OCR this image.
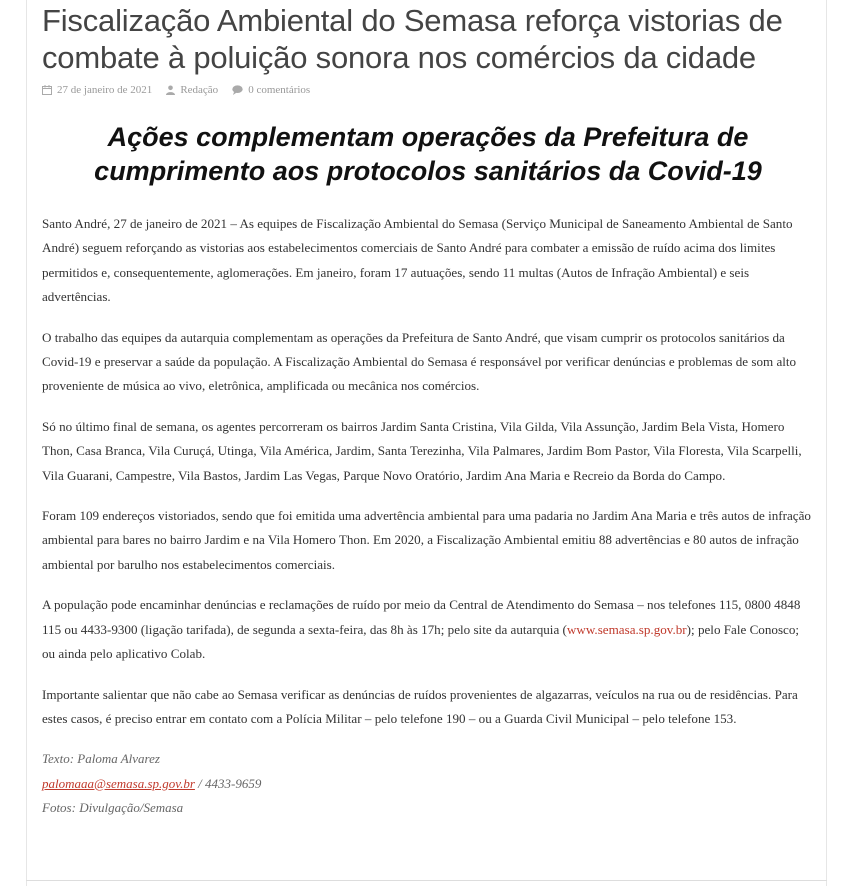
Fiscalização Ambiental do Semasa reforça vistorias de combate à poluição sonora nos comércios da cidade
27 de janeiro de 2021	Redação	0 comentários
Ações complementam operações da Prefeitura de cumprimento aos protocolos sanitários da Covid-19

Santo André, 27 de janeiro de 2021 – As equipes de Fiscalização Ambiental do Semasa (Serviço Municipal de Saneamento Ambiental de Santo André) seguem reforçando as vistorias aos estabelecimentos comerciais de Santo André para combater a emissão de ruído acima dos limites permitidos e, consequentemente, aglomerações. Em janeiro, foram 17 autuações, sendo 11 multas (Autos de Infração Ambiental) e seis advertências.

O trabalho das equipes da autarquia complementam as operações da Prefeitura de Santo André, que visam cumprir os protocolos sanitários da Covid-19 e preservar a saúde da população. A Fiscalização Ambiental do Semasa é responsável por verificar denúncias e problemas de som alto proveniente de música ao vivo, eletrônica, amplificada ou mecânica nos comércios.

Só no último final de semana, os agentes percorreram os bairros Jardim Santa Cristina, Vila Gilda, Vila Assunção, Jardim Bela Vista, Homero Thon, Casa Branca, Vila Curuçá, Utinga, Vila América, Jardim, Santa Terezinha, Vila Palmares, Jardim Bom Pastor, Vila Floresta, Vila Scarpelli, Vila Guarani, Campestre, Vila Bastos, Jardim Las Vegas, Parque Novo Oratório, Jardim Ana Maria e Recreio da Borda do Campo.

Foram 109 endereços vistoriados, sendo que foi emitida uma advertência ambiental para uma padaria no Jardim Ana Maria e três autos de infração ambiental para bares no bairro Jardim e na Vila Homero Thon. Em 2020, a Fiscalização Ambiental emitiu 88 advertências e 80 autos de infração ambiental por barulho nos estabelecimentos comerciais.

A população pode encaminhar denúncias e reclamações de ruído por meio da Central de Atendimento do Semasa – nos telefones 115, 0800 4848 115 ou 4433-9300 (ligação tarifada), de segunda a sexta-feira, das 8h às 17h; pelo site da autarquia (www.semasa.sp.gov.br); pelo Fale Conosco; ou ainda pelo aplicativo Colab.

Importante salientar que não cabe ao Semasa verificar as denúncias de ruídos provenientes de algazarras, veículos na rua ou de residências. Para estes casos, é preciso entrar em contato com a Polícia Militar – pelo telefone 190 – ou a Guarda Civil Municipal – pelo telefone 153.

Texto: Paloma Alvarez
palomaaa@semasa.sp.gov.br / 4433-9659
Fotos: Divulgação/Semasa
